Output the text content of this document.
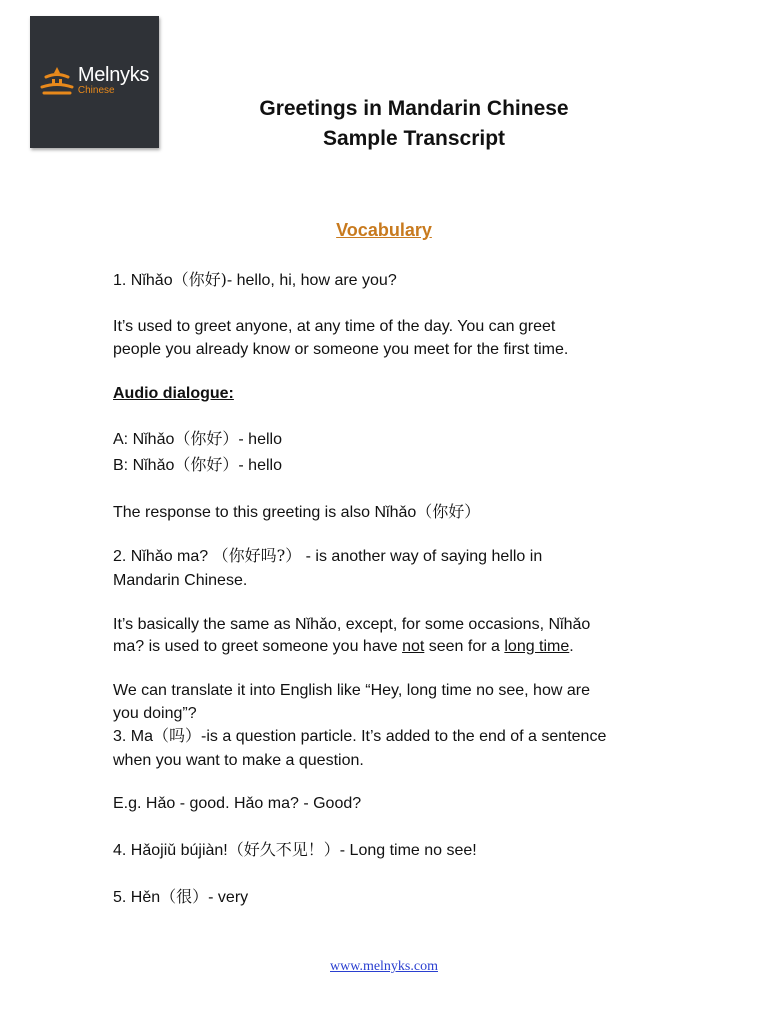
Melnyks
Chinese
Greetings in Mandarin Chinese
Sample Transcript
Vocabulary
1. Nǐhǎo（你好)- hello, hi, how are you?
It’s used to greet anyone, at any time of the day. You can greet
people you already know or someone you meet for the first time.
Audio dialogue:
A: Nǐhǎo（你好）- hello
B: Nǐhǎo（你好）- hello
The response to this greeting is also Nǐhǎo（你好）
2. Nǐhǎo ma? （你好吗?） - is another way of saying hello in
Mandarin Chinese.
It’s basically the same as Nǐhǎo, except, for some occasions, Nǐhǎo
ma? is used to greet someone you have not seen for a long time.
We can translate it into English like “Hey, long time no see, how are
you doing”?
3. Ma（吗）-is a question particle. It’s added to the end of a sentence
when you want to make a question.
E.g. Hǎo - good. Hǎo ma? - Good?
4. Hǎojiǔ bújiàn!（好久不见！）- Long time no see!
5. Hěn（很）- very
www.melnyks.com
